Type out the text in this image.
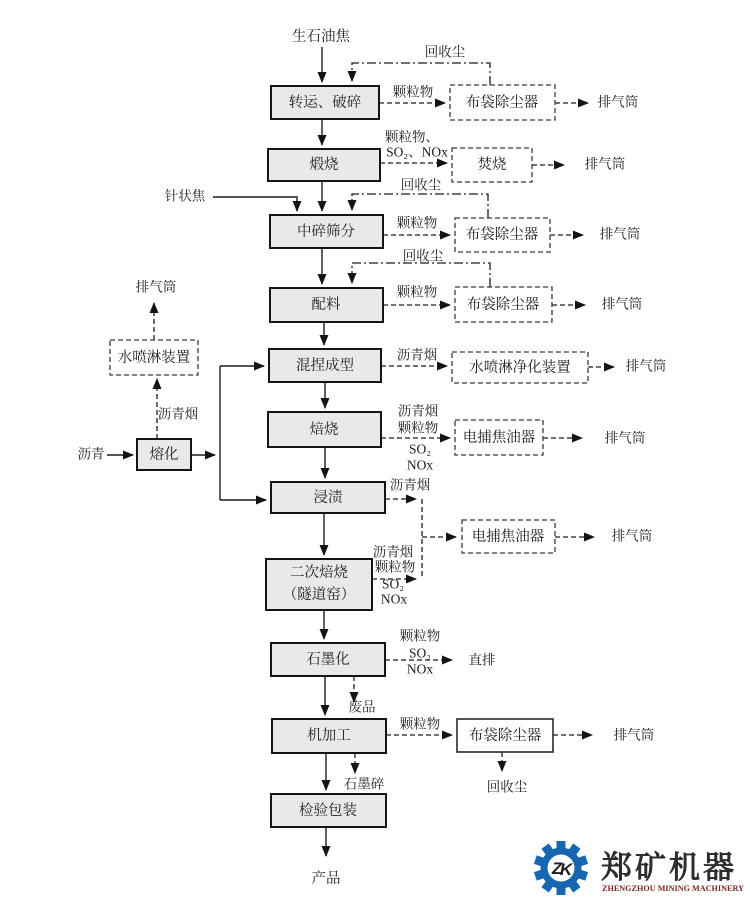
转运、破碎
煅烧
中碎筛分
配料
混捏成型
焙烧
浸渍
二次焙烧
（隧道窑）
石墨化
机加工
检验包装
熔化
布袋除尘器
焚烧
布袋除尘器
布袋除尘器
水喷淋净化装置
电捕焦油器
电捕焦油器
水喷淋装置
布袋除尘器
生石油焦
回收尘
颗粒物
排气筒
颗粒物、
SO₂、NOx
排气筒
回收尘
针状焦
颗粒物
排气筒
回收尘
颗粒物
排气筒
排气筒
沥青烟
沥青
沥青烟
排气筒
沥青烟
颗粒物
SO₂
NOx
排气筒
沥青烟
排气筒
沥青烟
颗粒物
SO₂
NOx
颗粒物
SO₂
NOx
直排
废品
颗粒物
排气筒
石墨碎	回收尘
产品
Z
K 郑矿机器
ZHENGZHOU MINING MACHINERY
